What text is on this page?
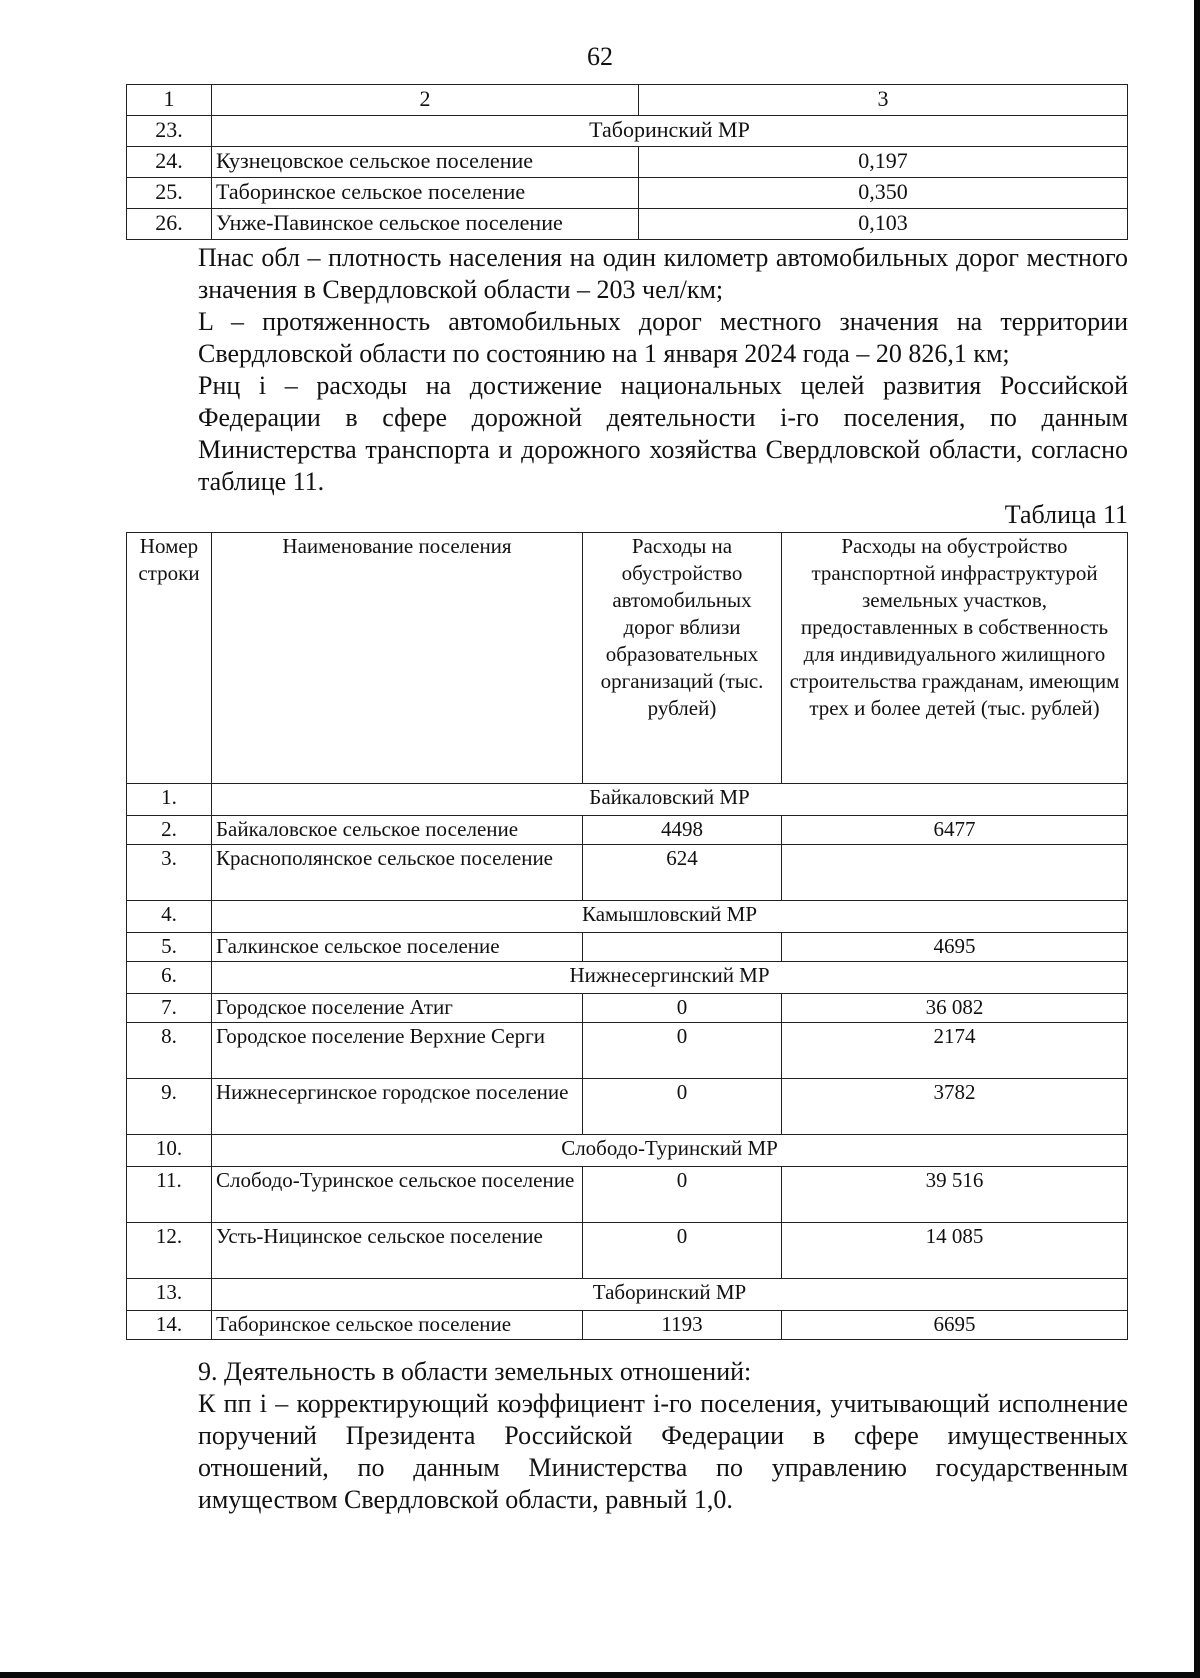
62
1	2	3
23.	Таборинский МР	
24.	Кузнецовское сельское поселение	0,197
25.	Таборинское сельское поселение	0,350
26.	Унже-Павинское сельское поселение	0,103
Пнас обл – плотность населения на один километр автомобильных дорог местного значения в Свердловской области – 203 чел/км;
L – протяженность автомобильных дорог местного значения на территории Свердловской области по состоянию на 1 января 2024 года – 20 826,1 км;
Рнц i – расходы на достижение национальных целей развития Российской Федерации в сфере дорожной деятельности i-го поселения, по данным Министерства транспорта и дорожного хозяйства Свердловской области, согласно таблице 11.
Таблица 11
Номер строки	Наименование поселения	Расходы на обустройство автомобильных дорог вблизи образовательных организаций (тыс. рублей)	Расходы на обустройство транспортной инфраструктурой земельных участков, предоставленных в собственность для индивидуального жилищного строительства гражданам, имеющим трех и более детей (тыс. рублей)
1.	Байкаловский МР		
2.	Байкаловское сельское поселение	4498	6477
3.	Краснополянское сельское поселение	624	
4.	Камышловский МР		
5.	Галкинское сельское поселение		4695
6.	Нижнесергинский МР		
7.	Городское поселение Атиг	0	36 082
8.	Городское поселение Верхние Серги	0	2174
9.	Нижнесергинское городское поселение	0	3782
10.	Слободо-Туринский МР		
11.	Слободо-Туринское сельское поселение	0	39 516
12.	Усть-Ницинское сельское поселение	0	14 085
13.	Таборинский МР		
14.	Таборинское сельское поселение	1193	6695
9. Деятельность в области земельных отношений:
К пп i – корректирующий коэффициент i-го поселения, учитывающий исполнение поручений Президента Российской Федерации в сфере имущественных отношений, по данным Министерства по управлению государственным имуществом Свердловской области, равный 1,0.
